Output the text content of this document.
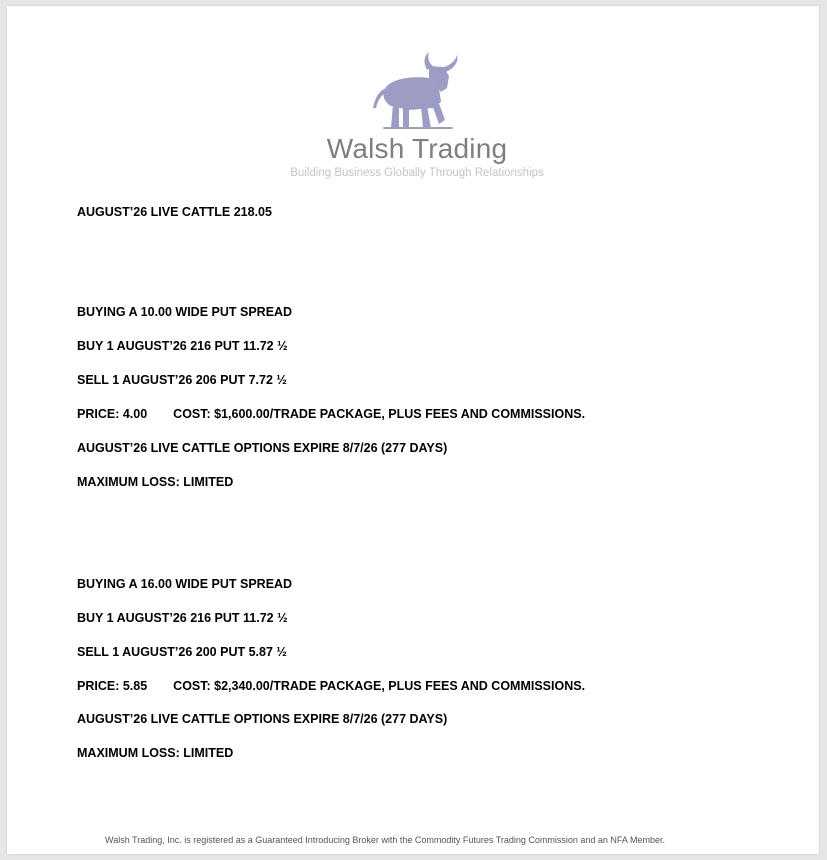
Walsh Trading
Building Business Globally Through Relationships
AUGUST’26 LIVE CATTLE 218.05
BUYING A 10.00 WIDE PUT SPREAD
BUY 1 AUGUST’26 216 PUT 11.72 ½
SELL 1 AUGUST’26 206 PUT 7.72 ½
PRICE: 4.00 COST: $1,600.00/TRADE PACKAGE, PLUS FEES AND COMMISSIONS.
AUGUST’26 LIVE CATTLE OPTIONS EXPIRE 8/7/26 (277 DAYS)
MAXIMUM LOSS: LIMITED
BUYING A 16.00 WIDE PUT SPREAD
BUY 1 AUGUST’26 216 PUT 11.72 ½
SELL 1 AUGUST’26 200 PUT 5.87 ½
PRICE: 5.85 COST: $2,340.00/TRADE PACKAGE, PLUS FEES AND COMMISSIONS.
AUGUST’26 LIVE CATTLE OPTIONS EXPIRE 8/7/26 (277 DAYS)
MAXIMUM LOSS: LIMITED
Walsh Trading, Inc. is registered as a Guaranteed Introducing Broker with the Commodity Futures Trading Commission and an NFA Member.
